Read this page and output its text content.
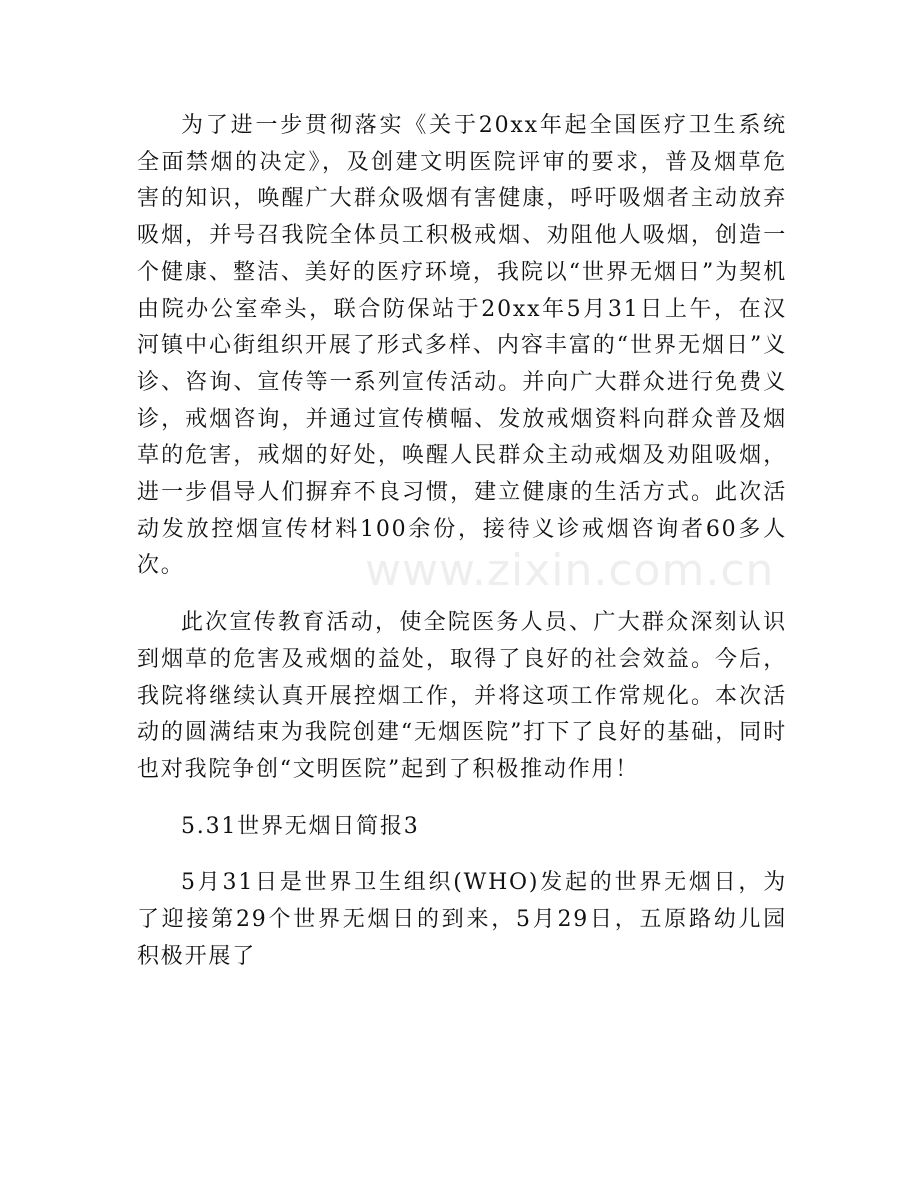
为了进一步贯彻落实《关于20xx年起全国医疗卫生系统全面禁烟的决定》，及创建文明医院评审的要求，普及烟草危害的知识，唤醒广大群众吸烟有害健康，呼吁吸烟者主动放弃吸烟，并号召我院全体员工积极戒烟、劝阻他人吸烟，创造一个健康、整洁、美好的医疗环境，我院以“世界无烟日”为契机由院办公室牵头，联合防保站于20xx年5月31日上午，在汉河镇中心街组织开展了形式多样、内容丰富的“世界无烟日”义诊、咨询、宣传等一系列宣传活动。并向广大群众进行免费义诊，戒烟咨询，并通过宣传横幅、发放戒烟资料向群众普及烟草的危害，戒烟的好处，唤醒人民群众主动戒烟及劝阻吸烟，进一步倡导人们摒弃不良习惯，建立健康的生活方式。此次活动发放控烟宣传材料100余份，接待义诊戒烟咨询者60多人次。

此次宣传教育活动，使全院医务人员、广大群众深刻认识到烟草的危害及戒烟的益处，取得了良好的社会效益。今后，我院将继续认真开展控烟工作，并将这项工作常规化。本次活动的圆满结束为我院创建“无烟医院”打下了良好的基础，同时也对我院争创“文明医院”起到了积极推动作用！

5.31世界无烟日简报3

5月31日是世界卫生组织(WHO)发起的世界无烟日，为了迎接第29个世界无烟日的到来，5月29日，五原路幼儿园积极开展了

www.zixin.com.cn
